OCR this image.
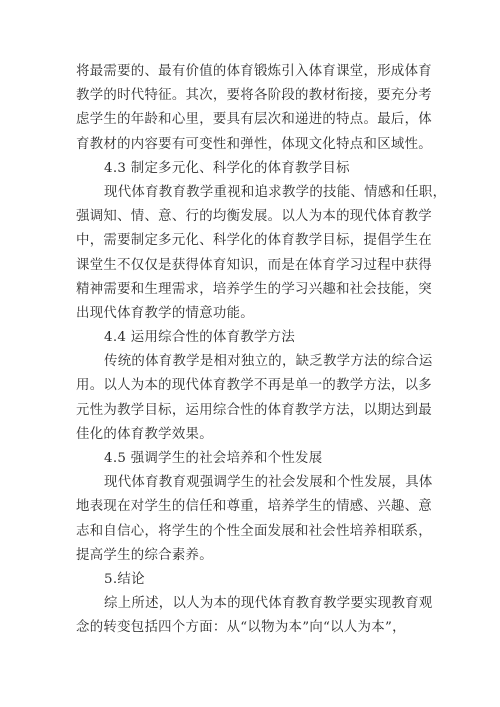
将最需要的、最有价值的体育锻炼引入体育课堂，形成体育
教学的时代特征。其次，要将各阶段的教材衔接，要充分考
虑学生的年龄和心里，要具有层次和递进的特点。最后，体
育教材的内容要有可变性和弹性，体现文化特点和区域性。
4.3 制定多元化、科学化的体育教学目标
现代体育教育教学重视和追求教学的技能、情感和任职，
强调知、情、意、行的均衡发展。以人为本的现代体育教学
中，需要制定多元化、科学化的体育教学目标，提倡学生在
课堂生不仅仅是获得体育知识，而是在体育学习过程中获得
精神需要和生理需求，培养学生的学习兴趣和社会技能，突
出现代体育教学的情意功能。
4.4 运用综合性的体育教学方法
传统的体育教学是相对独立的，缺乏教学方法的综合运
用。以人为本的现代体育教学不再是单一的教学方法，以多
元性为教学目标，运用综合性的体育教学方法，以期达到最
佳化的体育教学效果。
4.5 强调学生的社会培养和个性发展
现代体育教育观强调学生的社会发展和个性发展，具体
地表现在对学生的信任和尊重，培养学生的情感、兴趣、意
志和自信心，将学生的个性全面发展和社会性培养相联系，
提高学生的综合素养。
5.结论
综上所述，以人为本的现代体育教育教学要实现教育观
念的转变包括四个方面：从“以物为本”向“以人为本”，
